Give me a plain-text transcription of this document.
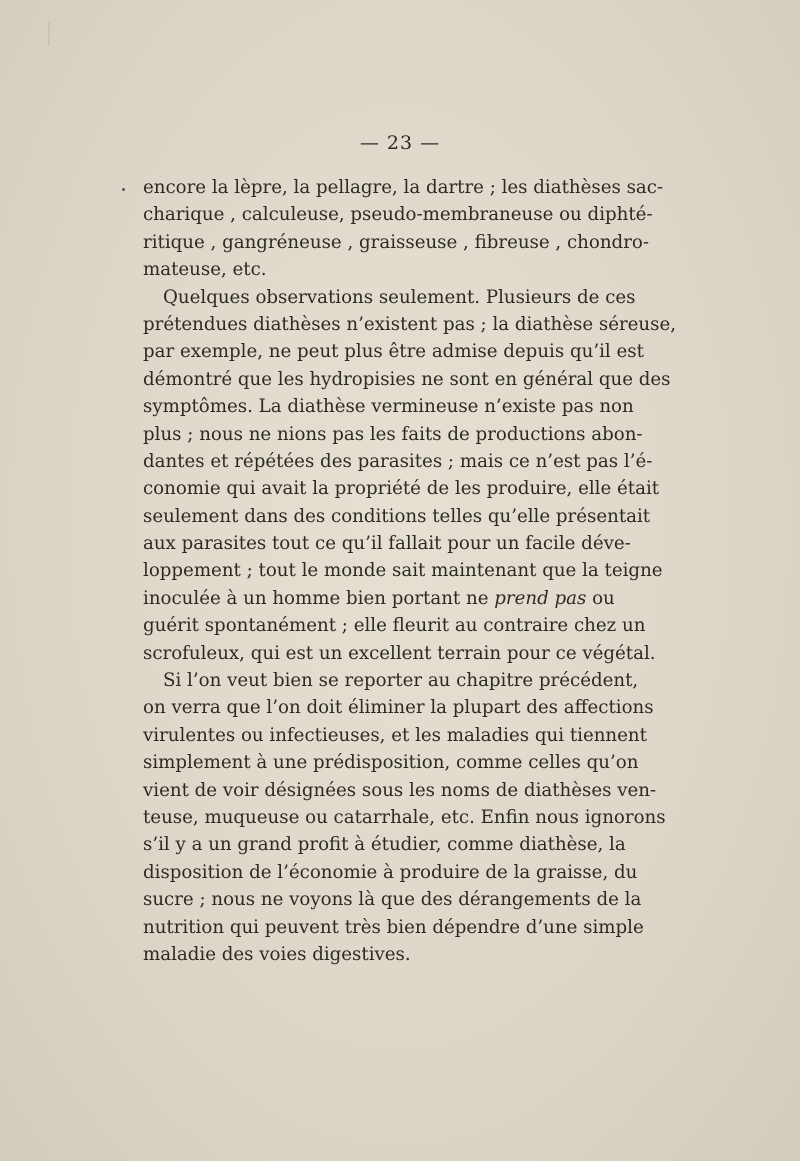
— 23 —
encore la lèpre, la pellagre, la dartre ; les diathèses sac-
charique , calculeuse, pseudo-membraneuse ou diphté-
ritique , gangréneuse , graisseuse , fibreuse , chondro-
mateuse, etc.
Quelques observations seulement. Plusieurs de ces
prétendues diathèses n’existent pas ; la diathèse séreuse,
par exemple, ne peut plus être admise depuis qu’il est
démontré que les hydropisies ne sont en général que des
symptômes. La diathèse vermineuse n’existe pas non
plus ; nous ne nions pas les faits de productions abon-
dantes et répétées des parasites ; mais ce n’est pas l’é-
conomie qui avait la propriété de les produire, elle était
seulement dans des conditions telles qu’elle présentait
aux parasites tout ce qu’il fallait pour un facile déve-
loppement ; tout le monde sait maintenant que la teigne
inoculée à un homme bien portant ne prend pas ou
guérit spontanément ; elle fleurit au contraire chez un
scrofuleux, qui est un excellent terrain pour ce végétal.
Si l’on veut bien se reporter au chapitre précédent,
on verra que l’on doit éliminer la plupart des affections
virulentes ou infectieuses, et les maladies qui tiennent
simplement à une prédisposition, comme celles qu’on
vient de voir désignées sous les noms de diathèses ven-
teuse, muqueuse ou catarrhale, etc. Enfin nous ignorons
s’il y a un grand profit à étudier, comme diathèse, la
disposition de l’économie à produire de la graisse, du
sucre ; nous ne voyons là que des dérangements de la
nutrition qui peuvent très bien dépendre d’une simple
maladie des voies digestives.
